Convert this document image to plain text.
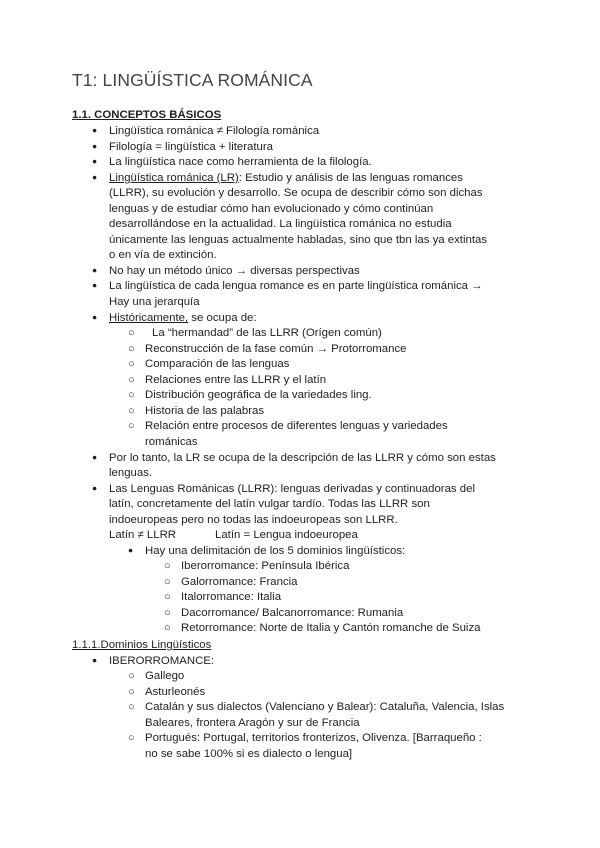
T1: LINGÜÍSTICA ROMÁNICA
1.1. CONCEPTOS BÁSICOS
●
Lingüística románica ≠ Filología románica
●
Filología = lingüística + literatura
●
La lingüística nace como herramienta de la filología.
●
Lingüística románica (LR): Estudio y análisis de las lenguas romances
(LLRR), su evolución y desarrollo. Se ocupa de describir cómo son dichas
lenguas y de estudiar cómo han evolucionado y cómo continúan
desarrollándose en la actualidad. La lingüística románica no estudia
únicamente las lenguas actualmente habladas, sino que tbn las ya extintas
o en vía de extinción.
●
No hay un método único → diversas perspectivas
●
La lingüística de cada lengua romance es en parte lingüística románica →
Hay una jerarquía
●
Históricamente, se ocupa de:
○
La “hermandad” de las LLRR (Orígen común)
○
Reconstrucción de la fase común → Protorromance
○
Comparación de las lenguas
○
Relaciones entre las LLRR y el latín
○
Distribución geográfica de la variedades ling.
○
Historia de las palabras
○
Relación entre procesos de diferentes lenguas y variedades
románicas
●
Por lo tanto, la LR se ocupa de la descripción de las LLRR y cómo son estas
lenguas.
●
Las Lenguas Románicas (LLRR): lenguas derivadas y continuadoras del
latín, concretamente del latín vulgar tardío. Todas las LLRR son
indoeuropeas pero no todas las indoeuropeas son LLRR.
Latín ≠ LLRR	Latín = Lengua indoeuropea
●
Hay una delimitación de los 5 dominios lingüísticos:
○
Iberorromance: Península Ibérica
○
Galorromance: Francia
○
Italorromance: Italia
○
Dacorromance/ Balcanorromance: Rumania
○
Retorromance: Norte de Italia y Cantón romanche de Suiza
1.1.1.Dominios Lingüísticos
●
IBERORROMANCE:
○
Gallego
○
Asturleonés
○
Catalán y sus dialectos (Valenciano y Balear): Cataluña, Valencia, Islas
Baleares, frontera Aragón y sur de Francia
○
Portugués: Portugal, territorios fronterizos, Olivenza. [Barraqueño :
no se sabe 100% si es dialecto o lengua]
